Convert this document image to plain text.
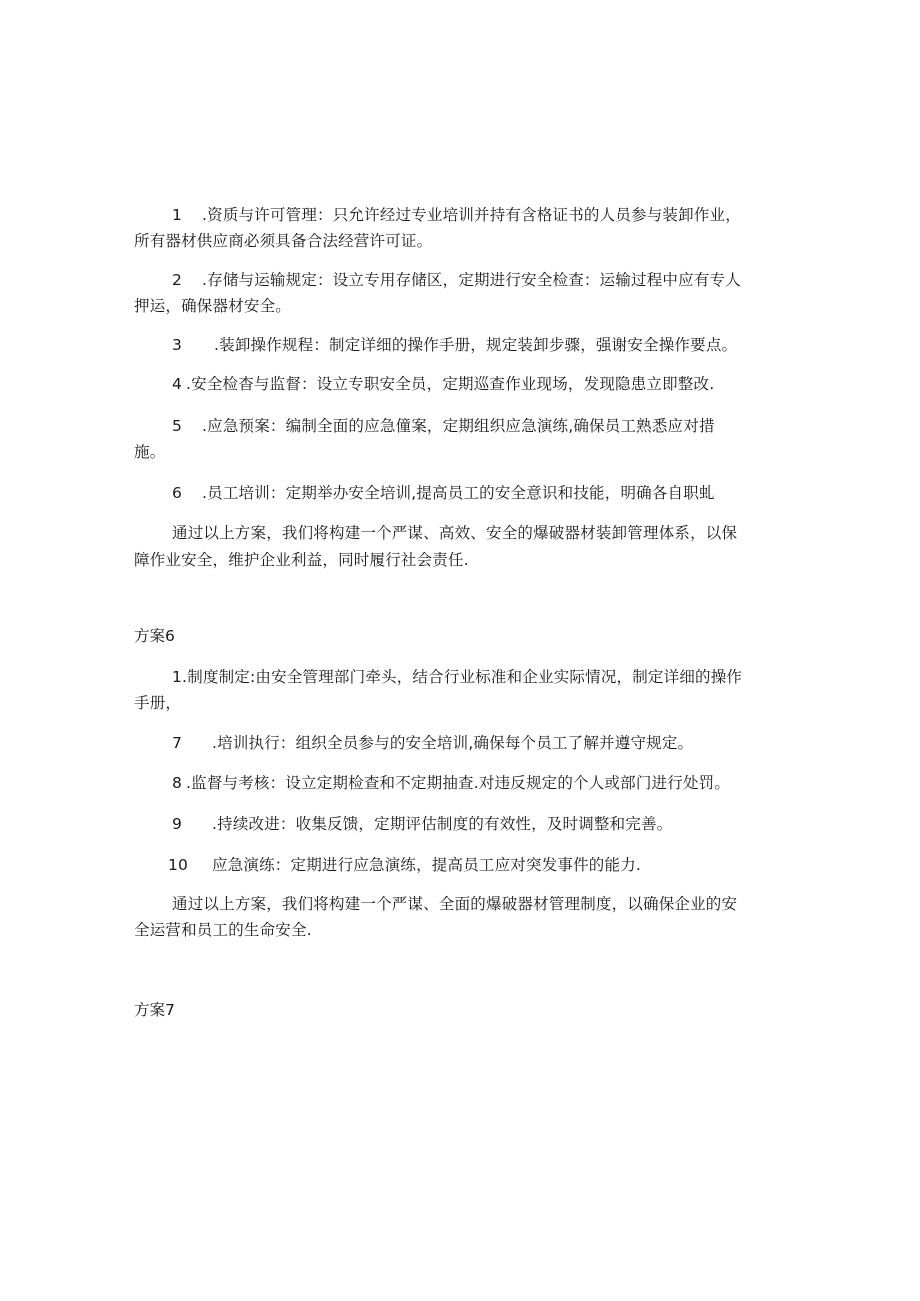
1 .资质与许可管理：只允许经过专业培训并持有含格证书的人员参与装卸作业，
所有器材供应商必须具备合法经营许可证。
2 .存储与运输规定：设立专用存储区，定期进行安全检查：运输过程中应有专人
押运，确保器材安全。
3 .装卸操作规程：制定详细的操作手册，规定装卸步骤，强谢安全操作要点。
4 .安全检杳与监督：设立专职安全员，定期巡查作业现场，发现隐患立即整改.
5 .应急预案：编制全面的应急僮案，定期组织应急演练,确保员工熟悉应对措
施。
6 .员工培训：定期举办安全培训,提高员工的安全意识和技能，明确各自职虬
通过以上方案，我们将构建一个严谋、高效、安全的爆破器材装卸管理体系，以保
障作业安全，维护企业利益，同时履行社会责任.
方案6
1.制度制定:由安全管理部门牵头，结合行业标准和企业实际情况，制定详细的操作
手册，
7 .培训执行：组织全员参与的安全培训,确保每个员工了解并遵守规定。
8 .监督与考核：设立定期检查和不定期抽查.对违反规定的个人或部门进行处罚。
9 .持续改进：收集反馈，定期评估制度的有效性，及时调整和完善。
10 应急演练：定期进行应急演练，提高员工应对突发事件的能力.
通过以上方案，我们将构建一个严谋、全面的爆破器材管理制度，以确保企业的安
全运营和员工的生命安全.
方案7
